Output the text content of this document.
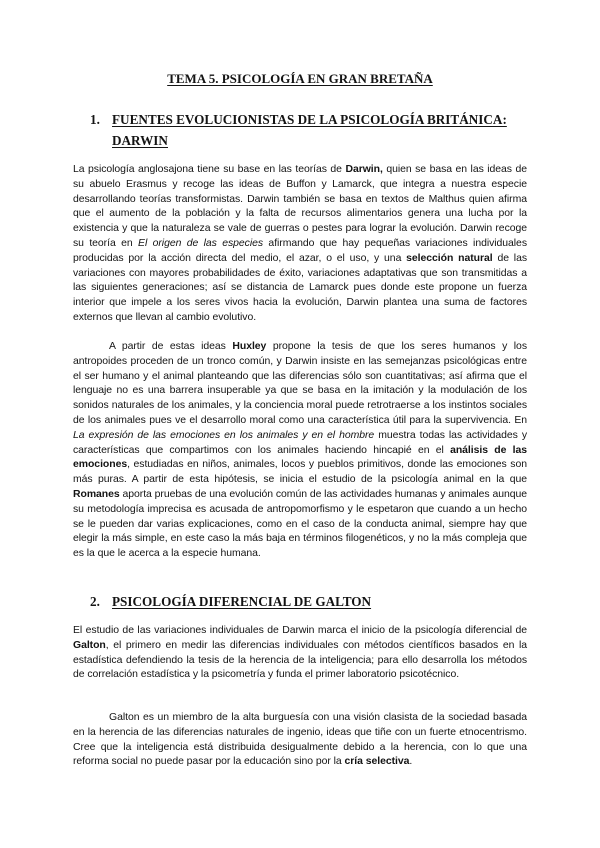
TEMA 5. PSICOLOGÍA EN GRAN BRETAÑA
1. FUENTES EVOLUCIONISTAS DE LA PSICOLOGÍA BRITÁNICA:
DARWIN

La psicología anglosajona tiene su base en las teorías de Darwin, quien se basa en las ideas de su abuelo Erasmus y recoge las ideas de Buffon y Lamarck, que integra a nuestra especie desarrollando teorías transformistas. Darwin también se basa en textos de Malthus quien afirma que el aumento de la población y la falta de recursos alimentarios genera una lucha por la existencia y que la naturaleza se vale de guerras o pestes para lograr la evolución. Darwin recoge su teoría en El origen de las especies afirmando que hay pequeñas variaciones individuales producidas por la acción directa del medio, el azar, o el uso, y una selección natural de las variaciones con mayores probabilidades de éxito, variaciones adaptativas que son transmitidas a las siguientes generaciones; así se distancia de Lamarck pues donde este propone un fuerza interior que impele a los seres vivos hacia la evolución, Darwin plantea una suma de factores externos que llevan al cambio evolutivo.

A partir de estas ideas Huxley propone la tesis de que los seres humanos y los antropoides proceden de un tronco común, y Darwin insiste en las semejanzas psicológicas entre el ser humano y el animal planteando que las diferencias sólo son cuantitativas; así afirma que el lenguaje no es una barrera insuperable ya que se basa en la imitación y la modulación de los sonidos naturales de los animales, y la conciencia moral puede retrotraerse a los instintos sociales de los animales pues ve el desarrollo moral como una característica útil para la supervivencia. En La expresión de las emociones en los animales y en el hombre muestra todas las actividades y características que compartimos con los animales haciendo hincapié en el análisis de las emociones, estudiadas en niños, animales, locos y pueblos primitivos, donde las emociones son más puras. A partir de esta hipótesis, se inicia el estudio de la psicología animal en la que Romanes aporta pruebas de una evolución común de las actividades humanas y animales aunque su metodología imprecisa es acusada de antropomorfismo y le espetaron que cuando a un hecho se le pueden dar varias explicaciones, como en el caso de la conducta animal, siempre hay que elegir la más simple, en este caso la más baja en términos filogenéticos, y no la más compleja que es la que le acerca a la especie humana.

2. PSICOLOGÍA DIFERENCIAL DE GALTON

El estudio de las variaciones individuales de Darwin marca el inicio de la psicología diferencial de Galton, el primero en medir las diferencias individuales con métodos científicos basados en la estadística defendiendo la tesis de la herencia de la inteligencia; para ello desarrolla los métodos de correlación estadística y la psicometría y funda el primer laboratorio psicotécnico.

Galton es un miembro de la alta burguesía con una visión clasista de la sociedad basada en la herencia de las diferencias naturales de ingenio, ideas que tiñe con un fuerte etnocentrismo. Cree que la inteligencia está distribuida desigualmente debido a la herencia, con lo que una reforma social no puede pasar por la educación sino por la cría selectiva.
